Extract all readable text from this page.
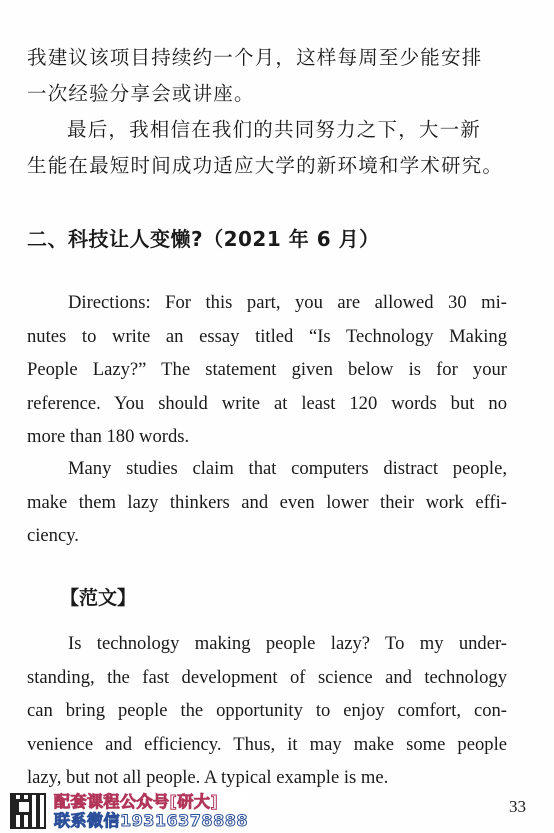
我建议该项目持续约一个月，这样每周至少能安排
一次经验分享会或讲座。
最后，我相信在我们的共同努力之下，大一新
生能在最短时间成功适应大学的新环境和学术研究。

二、科技让人变懒?（2021 年 6 月）

Directions: For this part, you are allowed 30 mi-
nutes to write an essay titled “Is Technology Making
People Lazy?” The statement given below is for your
reference. You should write at least 120 words but no
more than 180 words.

Many studies claim that computers distract people,
make them lazy thinkers and even lower their work effi-
ciency.

【范文】

Is technology making people lazy? To my under-
standing, the fast development of science and technology
can bring people the opportunity to enjoy comfort, con-
venience and efficiency. Thus, it may make some people
lazy, but not all people. A typical example is me.

配套课程公众号[研大]
联系微信19316378888

33
